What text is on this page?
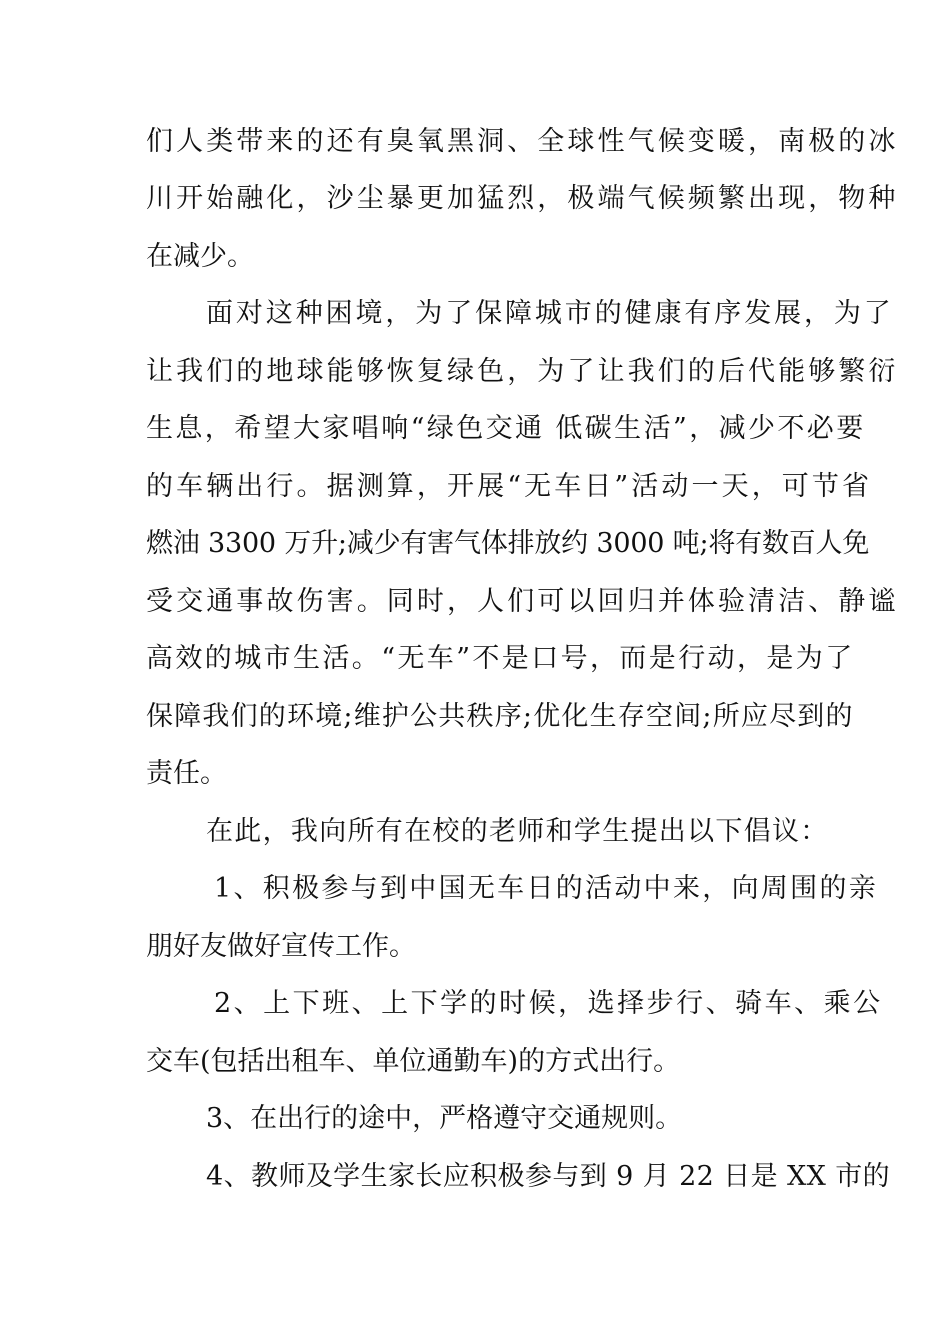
们人类带来的还有臭氧黑洞、全球性气候变暖，南极的冰
川开始融化，沙尘暴更加猛烈，极端气候频繁出现，物种
在减少。
面对这种困境，为了保障城市的健康有序发展，为了
让我们的地球能够恢复绿色，为了让我们的后代能够繁衍
生息，希望大家唱响“绿色交通 低碳生活”，减少不必要
的车辆出行。据测算，开展“无车日”活动一天，可节省
燃油 3300 万升;减少有害气体排放约 3000 吨;将有数百人免
受交通事故伤害。同时，人们可以回归并体验清洁、静谧
高效的城市生活。“无车”不是口号，而是行动，是为了
保障我们的环境;维护公共秩序;优化生存空间;所应尽到的
责任。
在此，我向所有在校的老师和学生提出以下倡议：
1、积极参与到中国无车日的活动中来，向周围的亲
朋好友做好宣传工作。
2、上下班、上下学的时候，选择步行、骑车、乘公
交车(包括出租车、单位通勤车)的方式出行。
3、在出行的途中，严格遵守交通规则。
4、教师及学生家长应积极参与到 9 月 22 日是 XX 市的
